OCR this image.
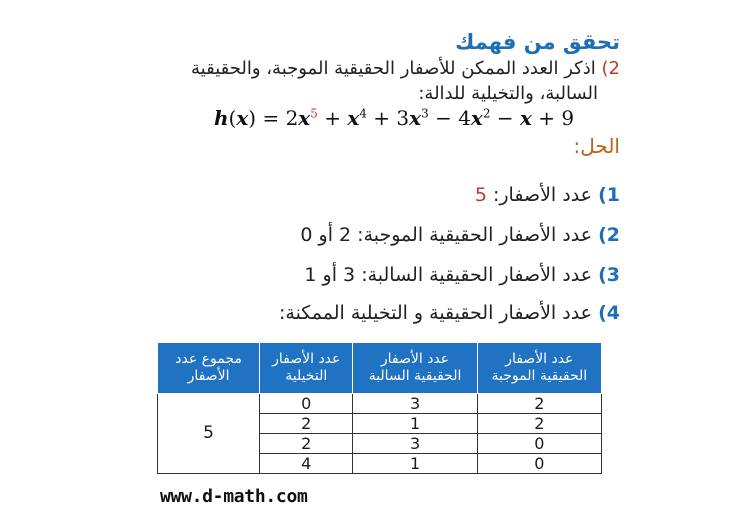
تحقق من فهمك
2) اذكر العدد الممكن للأصفار الحقيقية الموجبة، والحقيقية
السالبة، والتخيلية للدالة:
$h(x) = 2x^5 + x^4 + 3x^3 - 4x^2 - x + 9$
الحل:
1) عدد الأصفار: 5
2) عدد الأصفار الحقيقية الموجبة: 2 أو 0
3) عدد الأصفار الحقيقية السالبة: 3 أو 1
4) عدد الأصفار الحقيقية و التخيلية الممكنة:
عدد الأصفار الحقيقية الموجبة	عدد الأصفار الحقيقية السالبة	عدد الأصفار التخيلية	مجموع عدد الأصفار
2	3	0	5
2	1	2	
0	3	2	
0	1	4	
www.d-math.com
